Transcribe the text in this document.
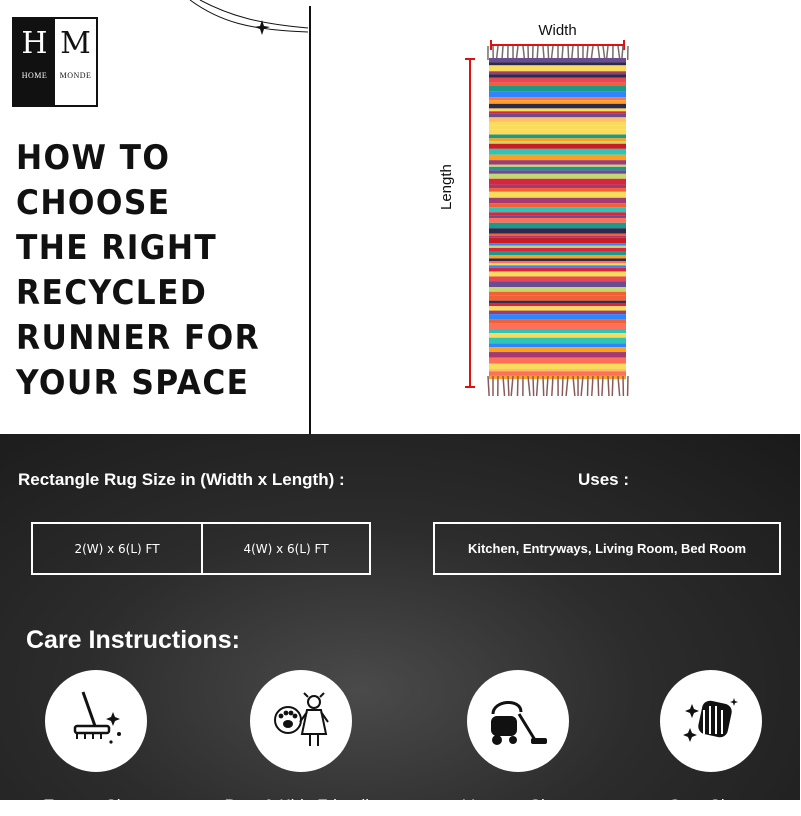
H
HOME
M
MONDE
HOW TO
CHOOSE
THE RIGHT
RECYCLED
RUNNER FOR
YOUR SPACE
Width
Length
Rectangle Rug Size in (Width x Length) :	Uses :
2(W) x 6(L) FT	4(W) x 6(L) FT	Kitchen, Entryways, Living Room, Bed Room
Care Instructions:
Easy to Clean	Pets & Kids Friendly	Vacuum Clean	Spot Clean
